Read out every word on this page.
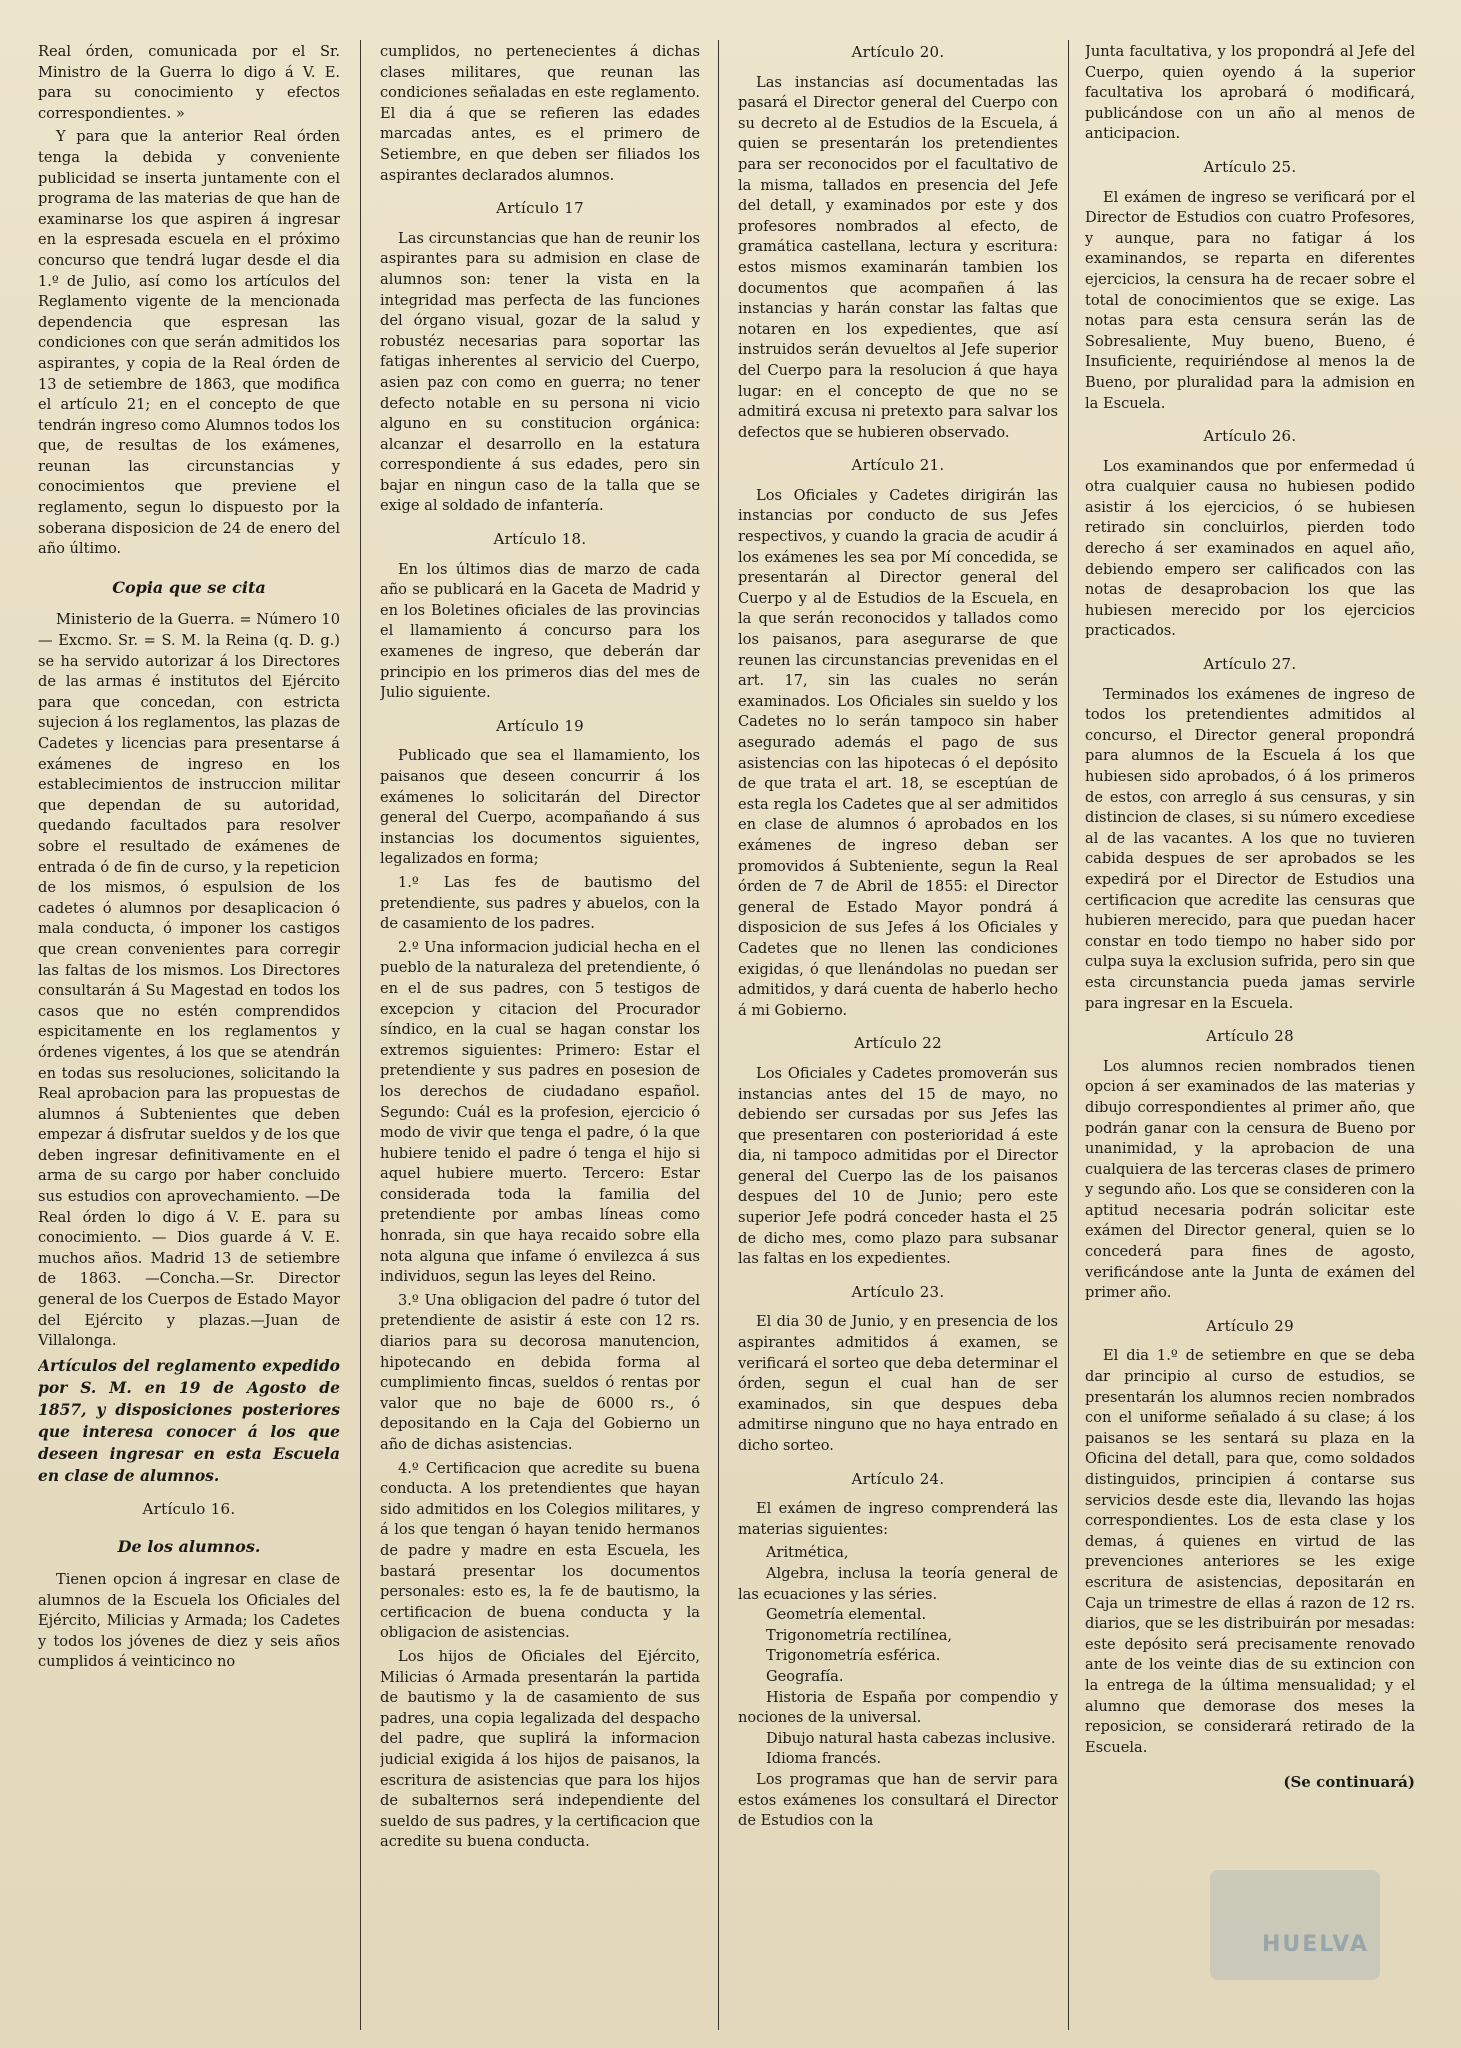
Real órden, comunicada por el Sr. Ministro de la Guerra lo digo á V. E. para su conocimiento y efectos correspondientes. »

Y para que la anterior Real órden tenga la debida y conveniente publicidad se inserta juntamente con el programa de las materias de que han de examinarse los que aspiren á ingresar en la espresada escuela en el próximo concurso que tendrá lugar desde el dia 1.º de Julio, así como los artículos del Reglamento vigente de la mencionada dependencia que espresan las condiciones con que serán admitidos los aspirantes, y copia de la Real órden de 13 de setiembre de 1863, que modifica el artículo 21; en el concepto de que tendrán ingreso como Alumnos todos los que, de resultas de los exámenes, reunan las circunstancias y conocimientos que previene el reglamento, segun lo dispuesto por la soberana disposicion de 24 de enero del año último.

Copia que se cita

Ministerio de la Guerra. = Número 10 — Excmo. Sr. = S. M. la Reina (q. D. g.) se ha servido autorizar á los Directores de las armas é institutos del Ejército para que concedan, con estricta sujecion á los reglamentos, las plazas de Cadetes y licencias para presentarse á exámenes de ingreso en los establecimientos de instruccion militar que dependan de su autoridad, quedando facultados para resolver sobre el resultado de exámenes de entrada ó de fin de curso, y la repeticion de los mismos, ó espulsion de los cadetes ó alumnos por desaplicacion ó mala conducta, ó imponer los castigos que crean convenientes para corregir las faltas de los mismos. Los Directores consultarán á Su Magestad en todos los casos que no estén comprendidos espicitamente en los reglamentos y órdenes vigentes, á los que se atendrán en todas sus resoluciones, solicitando la Real aprobacion para las propuestas de alumnos á Subtenientes que deben empezar á disfrutar sueldos y de los que deben ingresar definitivamente en el arma de su cargo por haber concluido sus estudios con aprovechamiento. —De Real órden lo digo á V. E. para su conocimiento. — Dios guarde á V. E. muchos años. Madrid 13 de setiembre de 1863. —Concha.—Sr. Director general de los Cuerpos de Estado Mayor del Ejército y plazas.—Juan de Villalonga.

Artículos del reglamento expedido por S. M. en 19 de Agosto de 1857, y disposiciones posteriores que interesa conocer á los que deseen ingresar en esta Escuela en clase de alumnos.

Artículo 16.
De los alumnos.

Tienen opcion á ingresar en clase de alumnos de la Escuela los Oficiales del Ejército, Milicias y Armada; los Cadetes y todos los jóvenes de diez y seis años cumplidos á veinticinco no

cumplidos, no pertenecientes á dichas clases militares, que reunan las condiciones señaladas en este reglamento. El dia á que se refieren las edades marcadas antes, es el primero de Setiembre, en que deben ser filiados los aspirantes declarados alumnos.

Artículo 17

Las circunstancias que han de reunir los aspirantes para su admision en clase de alumnos son: tener la vista en la integridad mas perfecta de las funciones del órgano visual, gozar de la salud y robustéz necesarias para soportar las fatigas inherentes al servicio del Cuerpo, asien paz con como en guerra; no tener defecto notable en su persona ni vicio alguno en su constitucion orgánica: alcanzar el desarrollo en la estatura correspondiente á sus edades, pero sin bajar en ningun caso de la talla que se exige al soldado de infantería.

Artículo 18.

En los últimos dias de marzo de cada año se publicará en la Gaceta de Madrid y en los Boletines oficiales de las provincias el llamamiento á concurso para los examenes de ingreso, que deberán dar principio en los primeros dias del mes de Julio siguiente.

Artículo 19

Publicado que sea el llamamiento, los paisanos que deseen concurrir á los exámenes lo solicitarán del Director general del Cuerpo, acompañando á sus instancias los documentos siguientes, legalizados en forma;

1.º Las fes de bautismo del pretendiente, sus padres y abuelos, con la de casamiento de los padres.

2.º Una informacion judicial hecha en el pueblo de la naturaleza del pretendiente, ó en el de sus padres, con 5 testigos de excepcion y citacion del Procurador síndico, en la cual se hagan constar los extremos siguientes: Primero: Estar el pretendiente y sus padres en posesion de los derechos de ciudadano español. Segundo: Cuál es la profesion, ejercicio ó modo de vivir que tenga el padre, ó la que hubiere tenido el padre ó tenga el hijo si aquel hubiere muerto. Tercero: Estar considerada toda la familia del pretendiente por ambas líneas como honrada, sin que haya recaido sobre ella nota alguna que infame ó envilezca á sus individuos, segun las leyes del Reino.

3.º Una obligacion del padre ó tutor del pretendiente de asistir á este con 12 rs. diarios para su decorosa manutencion, hipotecando en debida forma al cumplimiento fincas, sueldos ó rentas por valor que no baje de 6000 rs., ó depositando en la Caja del Gobierno un año de dichas asistencias.

4.º Certificacion que acredite su buena conducta. A los pretendientes que hayan sido admitidos en los Colegios militares, y á los que tengan ó hayan tenido hermanos de padre y madre en esta Escuela, les bastará presentar los documentos personales: esto es, la fe de bautismo, la certificacion de buena conducta y la obligacion de asistencias.

Los hijos de Oficiales del Ejército, Milicias ó Armada presentarán la partida de bautismo y la de casamiento de sus padres, una copia legalizada del despacho del padre, que suplirá la informacion judicial exigida á los hijos de paisanos, la escritura de asistencias que para los hijos de subalternos será independiente del sueldo de sus padres, y la certificacion que acredite su buena conducta.

Artículo 20.

Las instancias así documentadas las pasará el Director general del Cuerpo con su decreto al de Estudios de la Escuela, á quien se presentarán los pretendientes para ser reconocidos por el facultativo de la misma, tallados en presencia del Jefe del detall, y examinados por este y dos profesores nombrados al efecto, de gramática castellana, lectura y escritura: estos mismos examinarán tambien los documentos que acompañen á las instancias y harán constar las faltas que notaren en los expedientes, que así instruidos serán devueltos al Jefe superior del Cuerpo para la resolucion á que haya lugar: en el concepto de que no se admitirá excusa ni pretexto para salvar los defectos que se hubieren observado.

Artículo 21.

Los Oficiales y Cadetes dirigirán las instancias por conducto de sus Jefes respectivos, y cuando la gracia de acudir á los exámenes les sea por Mí concedida, se presentarán al Director general del Cuerpo y al de Estudios de la Escuela, en la que serán reconocidos y tallados como los paisanos, para asegurarse de que reunen las circunstancias prevenidas en el art. 17, sin las cuales no serán examinados. Los Oficiales sin sueldo y los Cadetes no lo serán tampoco sin haber asegurado además el pago de sus asistencias con las hipotecas ó el depósito de que trata el art. 18, se esceptúan de esta regla los Cadetes que al ser admitidos en clase de alumnos ó aprobados en los exámenes de ingreso deban ser promovidos á Subteniente, segun la Real órden de 7 de Abril de 1855: el Director general de Estado Mayor pondrá á disposicion de sus Jefes á los Oficiales y Cadetes que no llenen las condiciones exigidas, ó que llenándolas no puedan ser admitidos, y dará cuenta de haberlo hecho á mi Gobierno.

Artículo 22

Los Oficiales y Cadetes promoverán sus instancias antes del 15 de mayo, no debiendo ser cursadas por sus Jefes las que presentaren con posterioridad á este dia, ni tampoco admitidas por el Director general del Cuerpo las de los paisanos despues del 10 de Junio; pero este superior Jefe podrá conceder hasta el 25 de dicho mes, como plazo para subsanar las faltas en los expedientes.

Artículo 23.

El dia 30 de Junio, y en presencia de los aspirantes admitidos á examen, se verificará el sorteo que deba determinar el órden, segun el cual han de ser examinados, sin que despues deba admitirse ninguno que no haya entrado en dicho sorteo.

Artículo 24.

El exámen de ingreso comprenderá las materias siguientes:

Aritmética,

Algebra, inclusa la teoría general de las ecuaciones y las séries.

Geometría elemental.

Trigonometría rectilínea,

Trigonometría esférica.

Geografía.

Historia de España por compendio y nociones de la universal.

Dibujo natural hasta cabezas inclusive.

Idioma francés.

Los programas que han de servir para estos exámenes los consultará el Director de Estudios con la

Junta facultativa, y los propondrá al Jefe del Cuerpo, quien oyendo á la superior facultativa los aprobará ó modificará, publicándose con un año al menos de anticipacion.

Artículo 25.

El exámen de ingreso se verificará por el Director de Estudios con cuatro Profesores, y aunque, para no fatigar á los examinandos, se reparta en diferentes ejercicios, la censura ha de recaer sobre el total de conocimientos que se exige. Las notas para esta censura serán las de Sobresaliente, Muy bueno, Bueno, é Insuficiente, requiriéndose al menos la de Bueno, por pluralidad para la admision en la Escuela.

Artículo 26.

Los examinandos que por enfermedad ú otra cualquier causa no hubiesen podido asistir á los ejercicios, ó se hubiesen retirado sin concluirlos, pierden todo derecho á ser examinados en aquel año, debiendo empero ser calificados con las notas de desaprobacion los que las hubiesen merecido por los ejercicios practicados.

Artículo 27.

Terminados los exámenes de ingreso de todos los pretendientes admitidos al concurso, el Director general propondrá para alumnos de la Escuela á los que hubiesen sido aprobados, ó á los primeros de estos, con arreglo á sus censuras, y sin distincion de clases, si su número excediese al de las vacantes. A los que no tuvieren cabida despues de ser aprobados se les expedirá por el Director de Estudios una certificacion que acredite las censuras que hubieren merecido, para que puedan hacer constar en todo tiempo no haber sido por culpa suya la exclusion sufrida, pero sin que esta circunstancia pueda jamas servirle para ingresar en la Escuela.

Artículo 28

Los alumnos recien nombrados tienen opcion á ser examinados de las materias y dibujo correspondientes al primer año, que podrán ganar con la censura de Bueno por unanimidad, y la aprobacion de una cualquiera de las terceras clases de primero y segundo año. Los que se consideren con la aptitud necesaria podrán solicitar este exámen del Director general, quien se lo concederá para fines de agosto, verificándose ante la Junta de exámen del primer año.

Artículo 29

El dia 1.º de setiembre en que se deba dar principio al curso de estudios, se presentarán los alumnos recien nombrados con el uniforme señalado á su clase; á los paisanos se les sentará su plaza en la Oficina del detall, para que, como soldados distinguidos, principien á contarse sus servicios desde este dia, llevando las hojas correspondientes. Los de esta clase y los demas, á quienes en virtud de las prevenciones anteriores se les exige escritura de asistencias, depositarán en Caja un trimestre de ellas á razon de 12 rs. diarios, que se les distribuirán por mesadas: este depósito será precisamente renovado ante de los veinte dias de su extincion con la entrega de la última mensualidad; y el alumno que demorase dos meses la reposicion, se considerará retirado de la Escuela.

(Se continuará)

HUELVA
